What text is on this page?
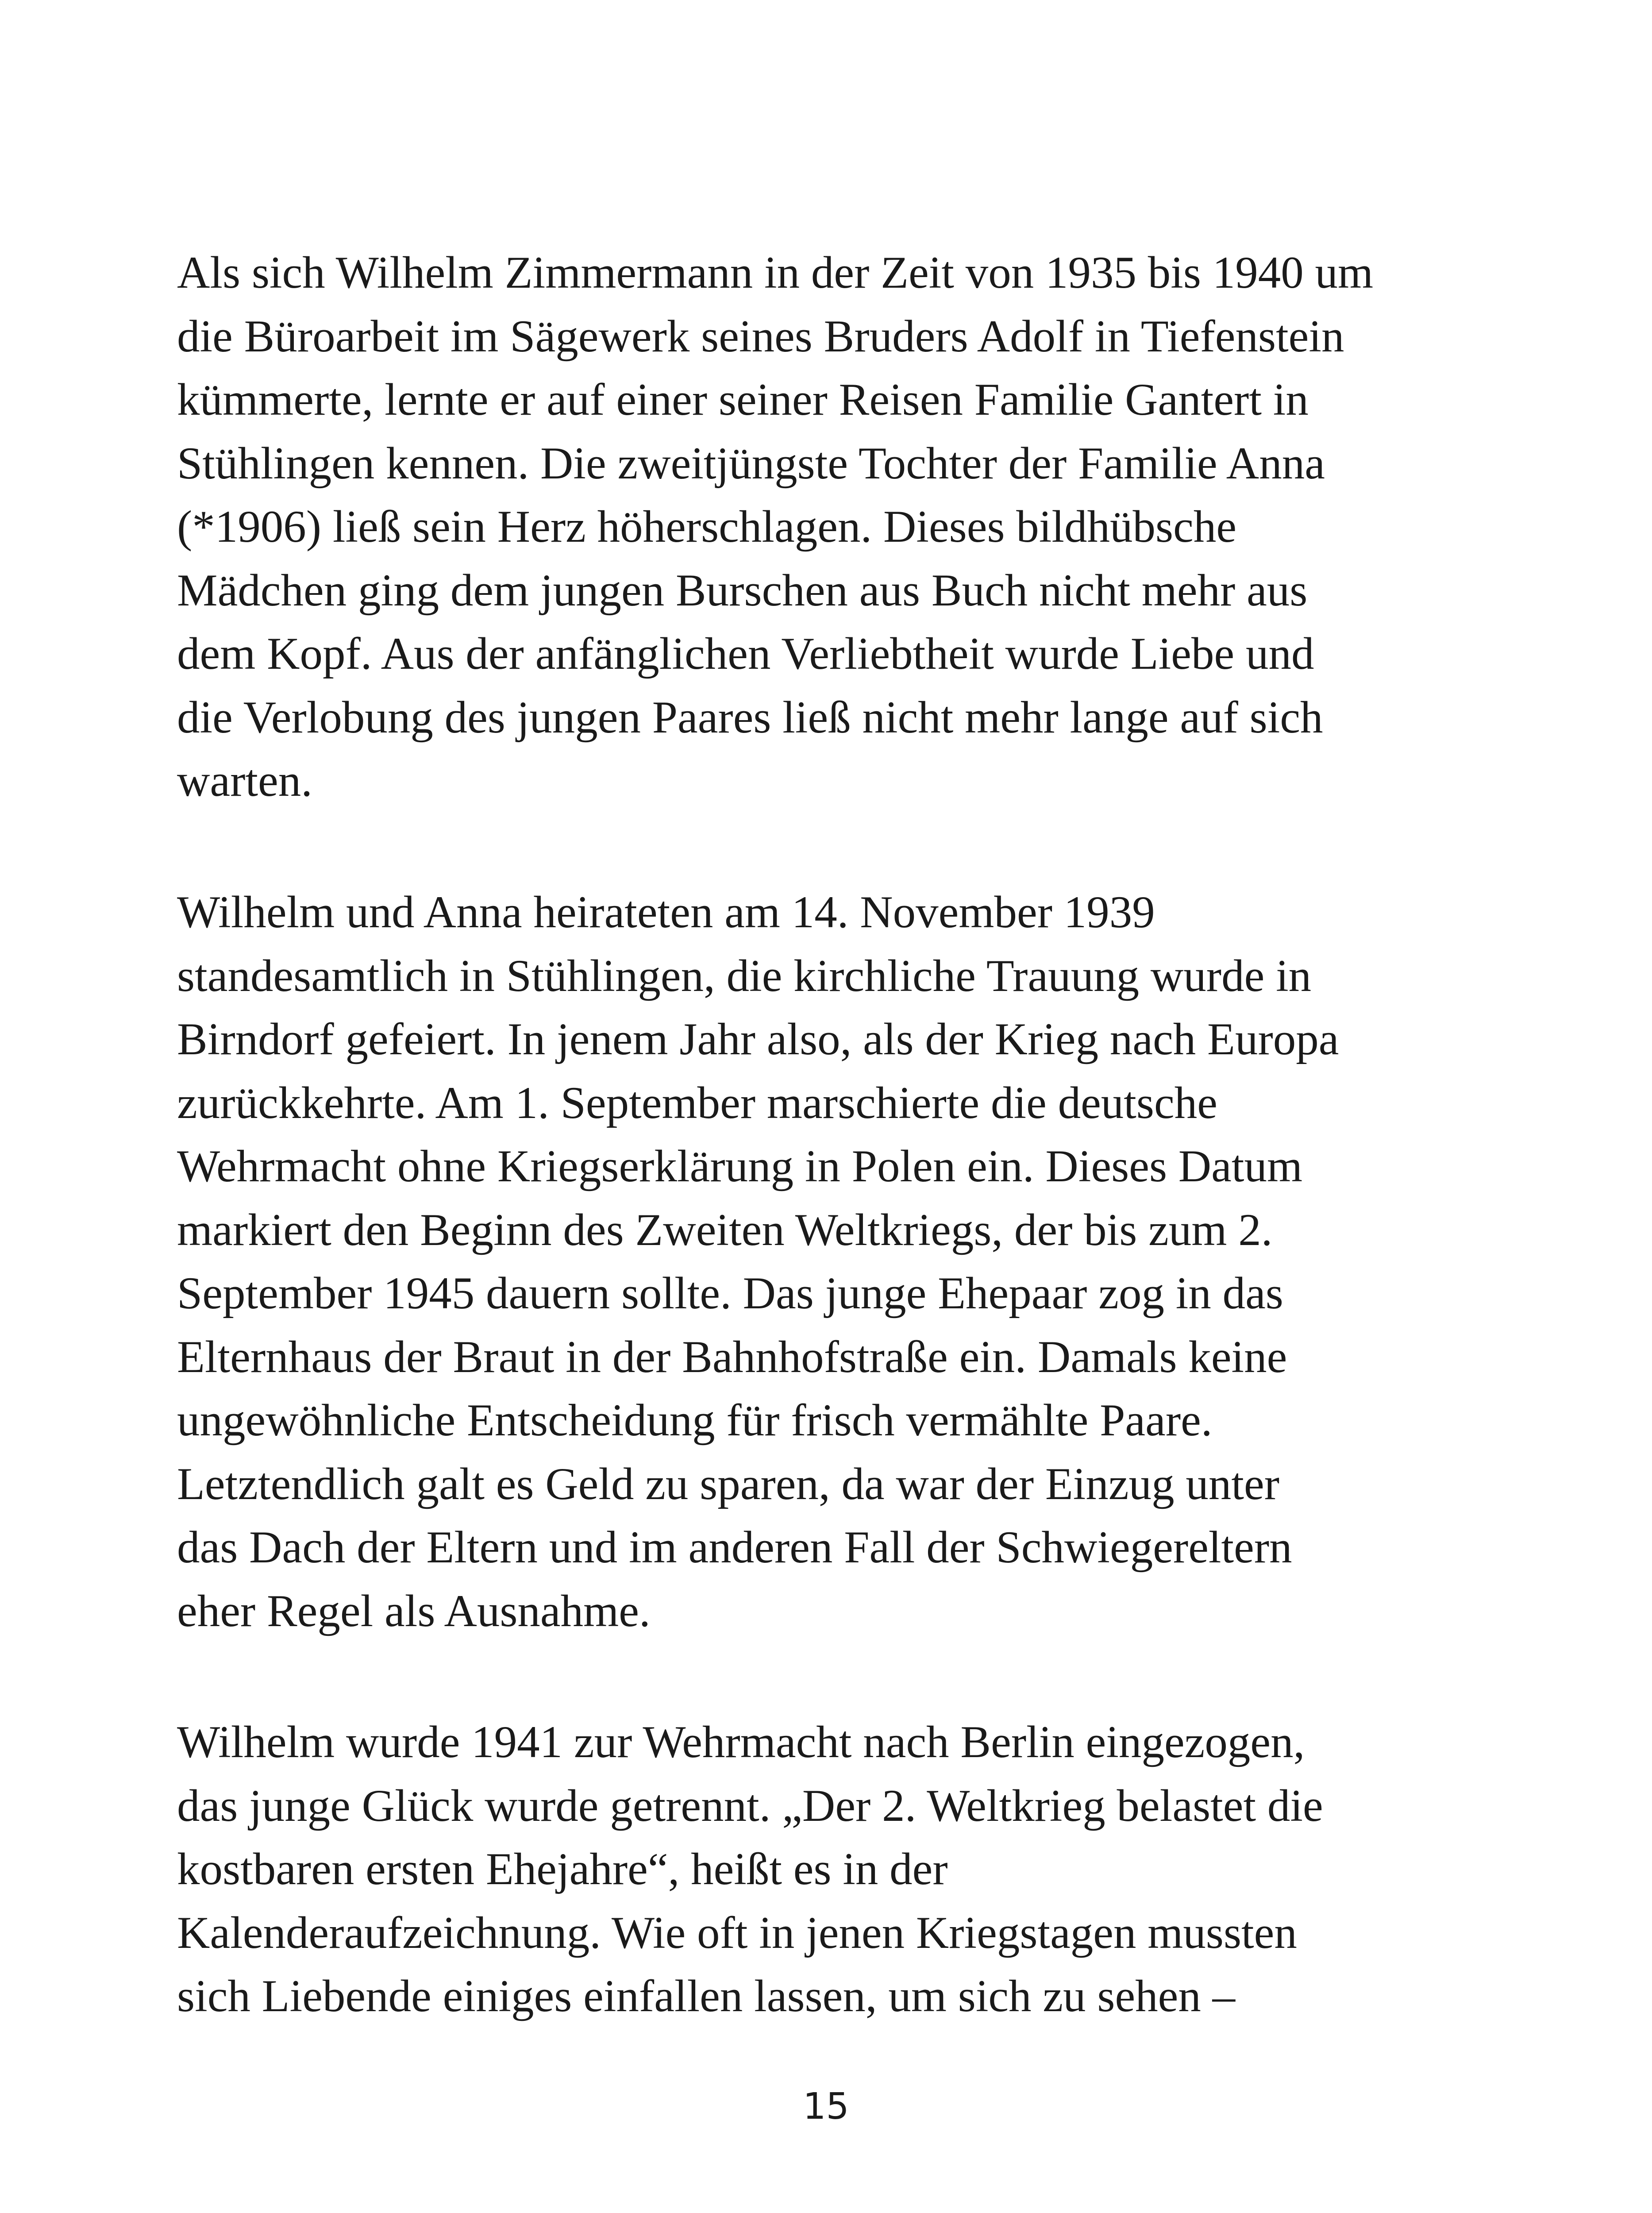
Als sich Wilhelm Zimmermann in der Zeit von 1935 bis 1940 um
die Büroarbeit im Sägewerk seines Bruders Adolf in Tiefenstein
kümmerte, lernte er auf einer seiner Reisen Familie Gantert in
Stühlingen kennen. Die zweitjüngste Tochter der Familie Anna
(*1906) ließ sein Herz höherschlagen. Dieses bildhübsche
Mädchen ging dem jungen Burschen aus Buch nicht mehr aus
dem Kopf. Aus der anfänglichen Verliebtheit wurde Liebe und
die Verlobung des jungen Paares ließ nicht mehr lange auf sich
warten.

Wilhelm und Anna heirateten am 14. November 1939
standesamtlich in Stühlingen, die kirchliche Trauung wurde in
Birndorf gefeiert. In jenem Jahr also, als der Krieg nach Europa
zurückkehrte. Am 1. September marschierte die deutsche
Wehrmacht ohne Kriegserklärung in Polen ein. Dieses Datum
markiert den Beginn des Zweiten Weltkriegs, der bis zum 2.
September 1945 dauern sollte. Das junge Ehepaar zog in das
Elternhaus der Braut in der Bahnhofstraße ein. Damals keine
ungewöhnliche Entscheidung für frisch vermählte Paare.
Letztendlich galt es Geld zu sparen, da war der Einzug unter
das Dach der Eltern und im anderen Fall der Schwiegereltern
eher Regel als Ausnahme.

Wilhelm wurde 1941 zur Wehrmacht nach Berlin eingezogen,
das junge Glück wurde getrennt. „Der 2. Weltkrieg belastet die
kostbaren ersten Ehejahre“, heißt es in der
Kalenderaufzeichnung. Wie oft in jenen Kriegstagen mussten
sich Liebende einiges einfallen lassen, um sich zu sehen –

15
